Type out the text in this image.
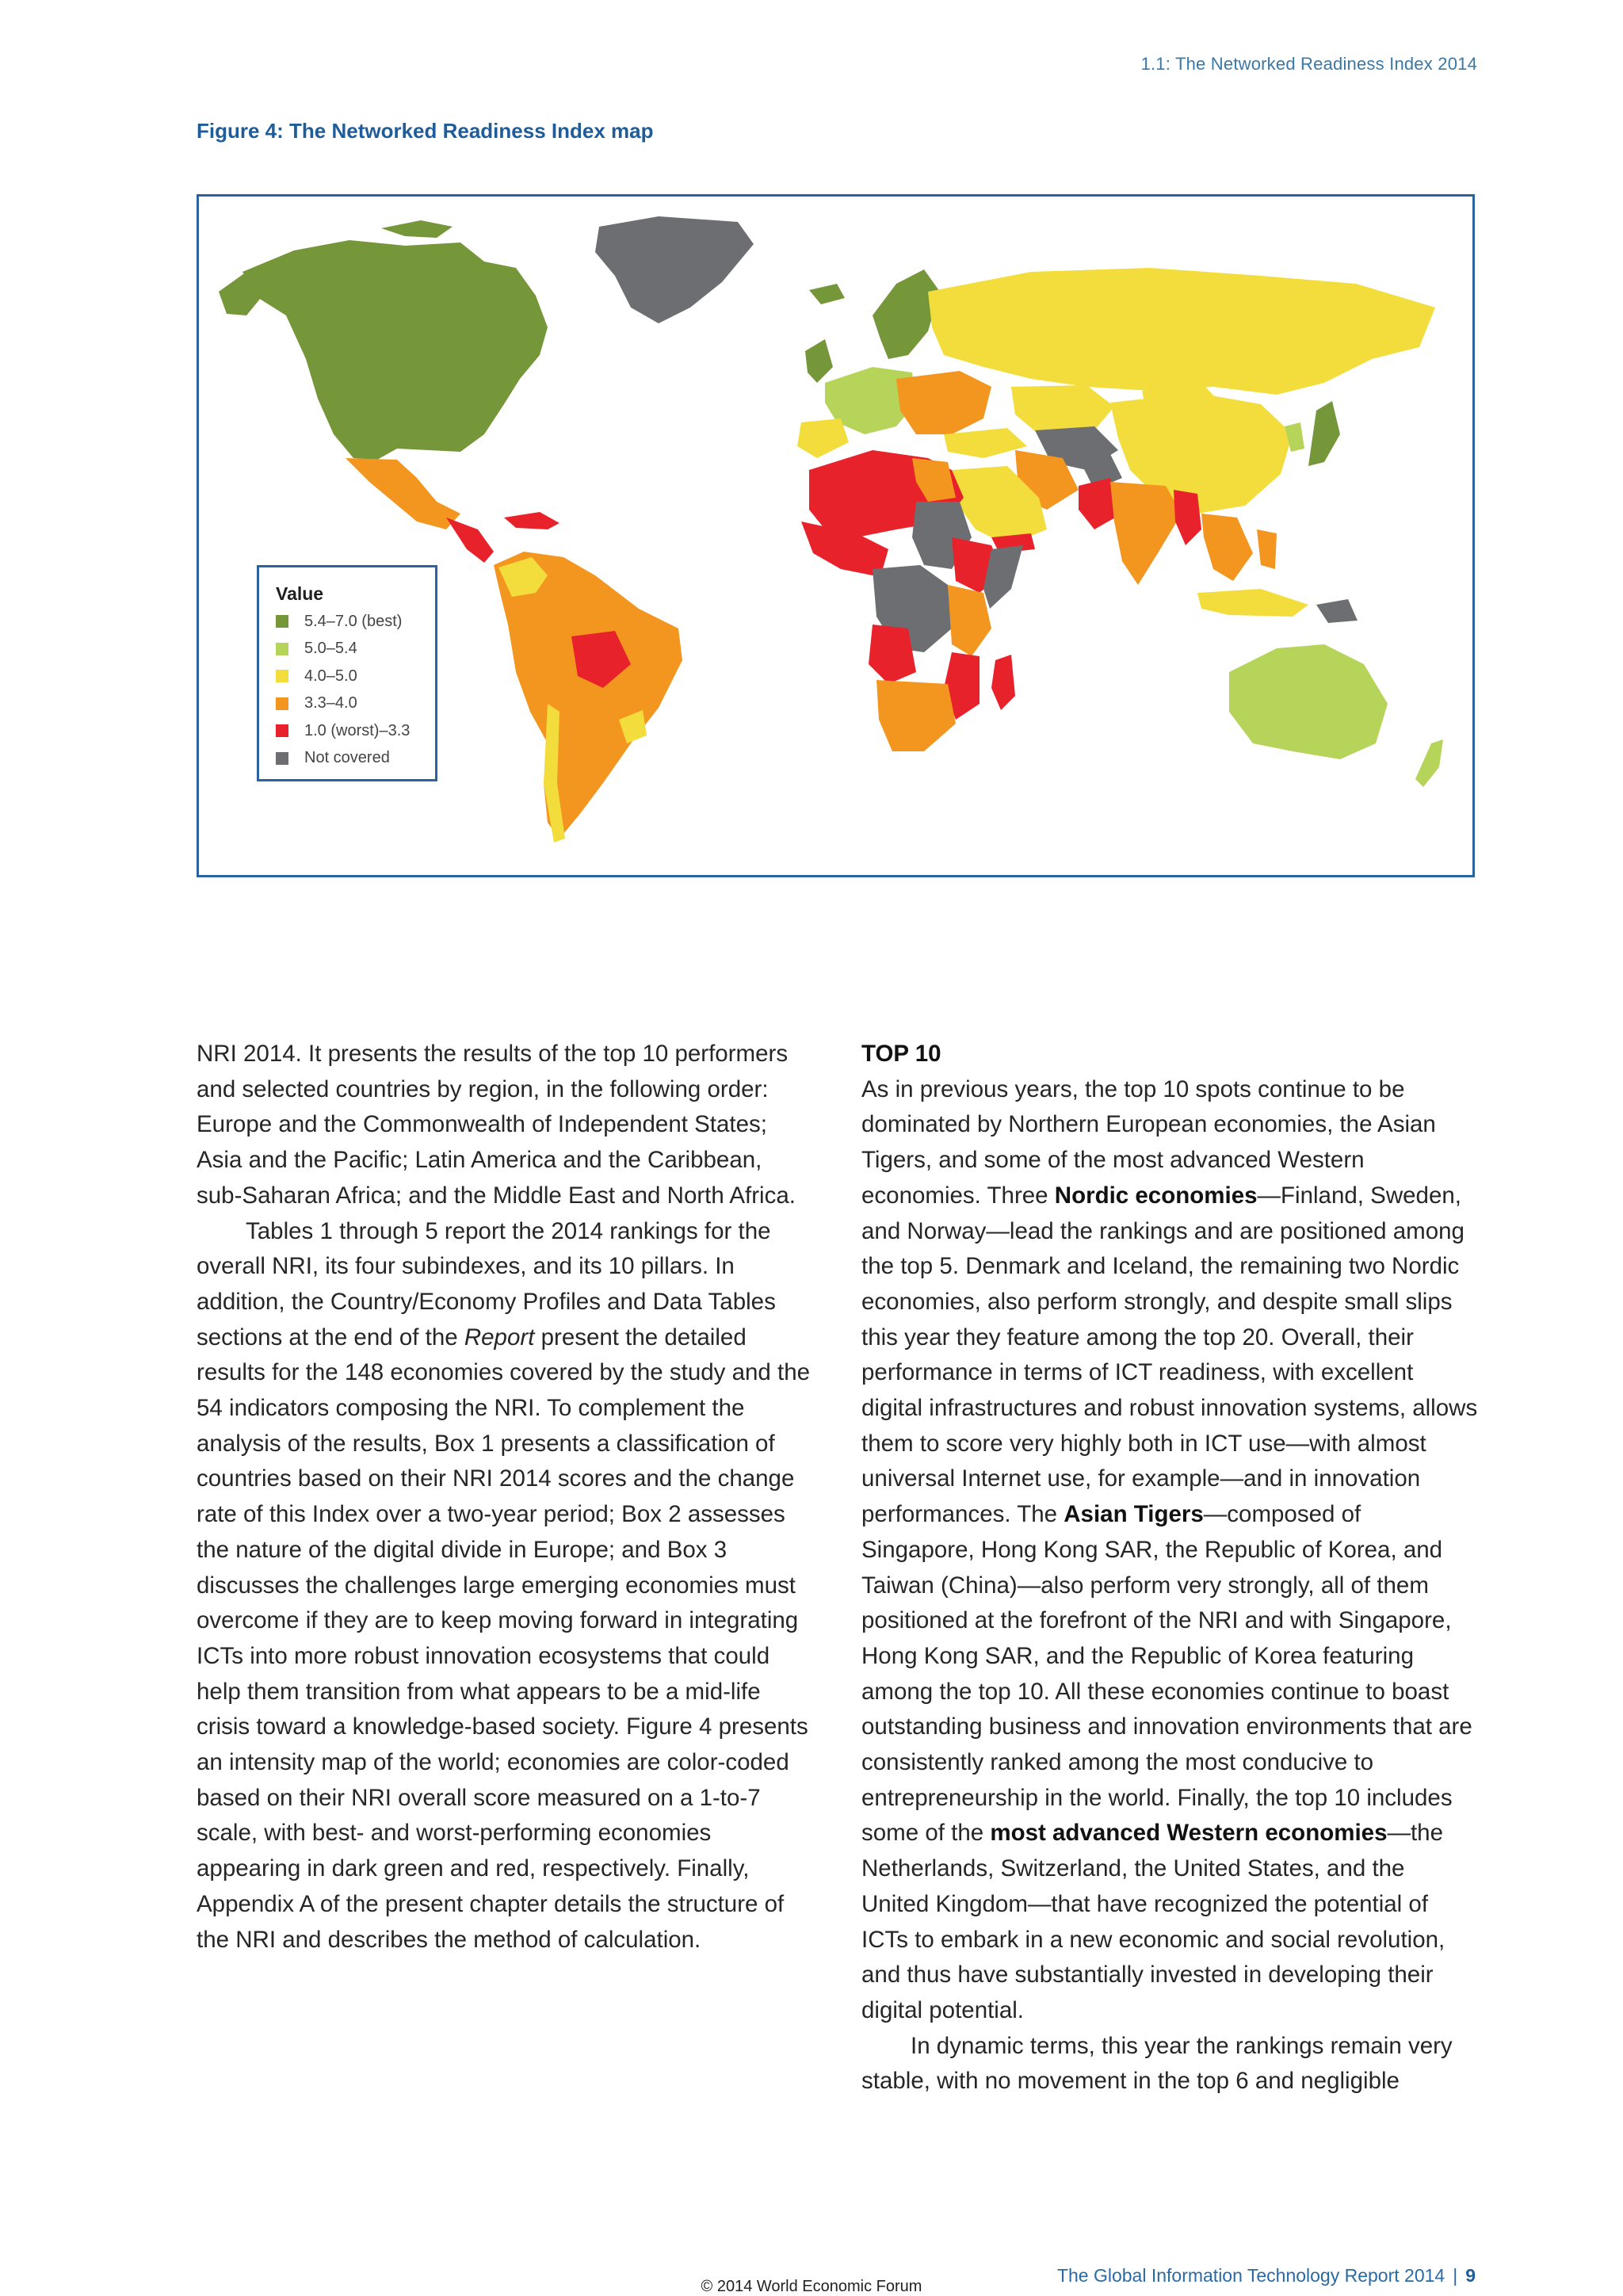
1.1: The Networked Readiness Index 2014
Figure 4: The Networked Readiness Index map
Value
5.4–7.0 (best)
5.0–5.4
4.0–5.0
3.3–4.0
1.0 (worst)–3.3
Not covered

NRI 2014. It presents the results of the top 10 performers and selected countries by region, in the following order: Europe and the Commonwealth of Independent States; Asia and the Pacific; Latin America and the Caribbean, sub-Saharan Africa; and the Middle East and North Africa.

Tables 1 through 5 report the 2014 rankings for the overall NRI, its four subindexes, and its 10 pillars. In addition, the Country/Economy Profiles and Data Tables sections at the end of the Report present the detailed results for the 148 economies covered by the study and the 54 indicators composing the NRI. To complement the analysis of the results, Box 1 presents a classification of countries based on their NRI 2014 scores and the change rate of this Index over a two-year period; Box 2 assesses the nature of the digital divide in Europe; and Box 3 discusses the challenges large emerging economies must overcome if they are to keep moving forward in integrating ICTs into more robust innovation ecosystems that could help them transition from what appears to be a mid-life crisis toward a knowledge-based society. Figure 4 presents an intensity map of the world; economies are color-coded based on their NRI overall score measured on a 1-to-7 scale, with best- and worst-performing economies appearing in dark green and red, respectively. Finally, Appendix A of the present chapter details the structure of the NRI and describes the method of calculation.

TOP 10

As in previous years, the top 10 spots continue to be dominated by Northern European economies, the Asian Tigers, and some of the most advanced Western economies. Three Nordic economies—Finland, Sweden, and Norway—lead the rankings and are positioned among the top 5. Denmark and Iceland, the remaining two Nordic economies, also perform strongly, and despite small slips this year they feature among the top 20. Overall, their performance in terms of ICT readiness, with excellent digital infrastructures and robust innovation systems, allows them to score very highly both in ICT use—with almost universal Internet use, for example—and in innovation performances. The Asian Tigers—composed of Singapore, Hong Kong SAR, the Republic of Korea, and Taiwan (China)—also perform very strongly, all of them positioned at the forefront of the NRI and with Singapore, Hong Kong SAR, and the Republic of Korea featuring among the top 10. All these economies continue to boast outstanding business and innovation environments that are consistently ranked among the most conducive to entrepreneurship in the world. Finally, the top 10 includes some of the most advanced Western economies—the Netherlands, Switzerland, the United States, and the United Kingdom—that have recognized the potential of ICTs to embark in a new economic and social revolution, and thus have substantially invested in developing their digital potential.

In dynamic terms, this year the rankings remain very stable, with no movement in the top 6 and negligible

The Global Information Technology Report 2014 | 9
© 2014 World Economic Forum
